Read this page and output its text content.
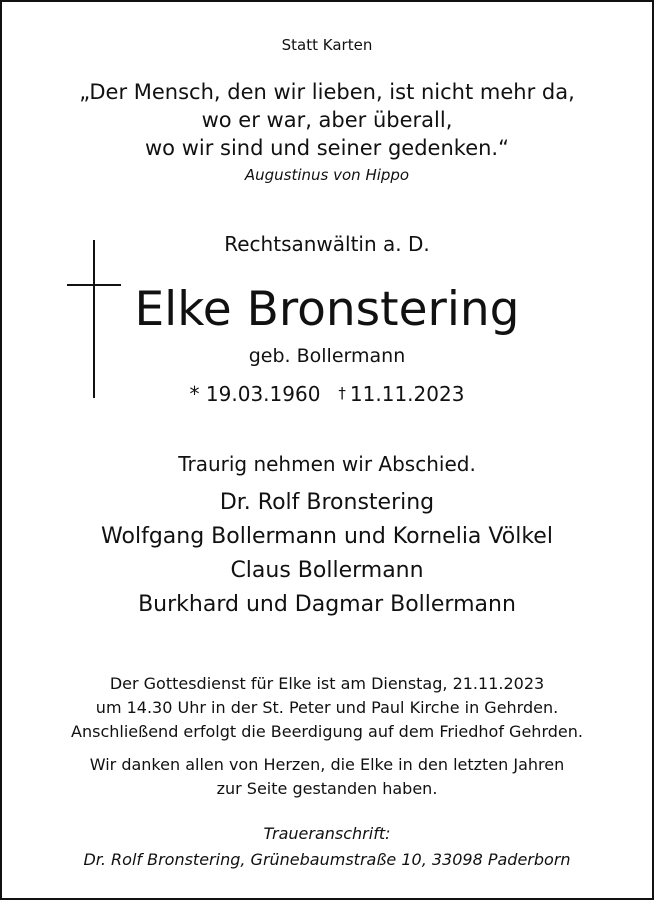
Statt Karten
„Der Mensch, den wir lieben, ist nicht mehr da,
wo er war, aber überall,
wo wir sind und seiner gedenken.“
Augustinus von Hippo
Rechtsanwältin a. D.
Elke Bronstering
geb. Bollermann
* 19.03.1960 † 11.11.2023
Traurig nehmen wir Abschied.
Dr. Rolf Bronstering
Wolfgang Bollermann und Kornelia Völkel
Claus Bollermann
Burkhard und Dagmar Bollermann
Der Gottesdienst für Elke ist am Dienstag, 21.11.2023
um 14.30 Uhr in der St. Peter und Paul Kirche in Gehrden.
Anschließend erfolgt die Beerdigung auf dem Friedhof Gehrden.
Wir danken allen von Herzen, die Elke in den letzten Jahren
zur Seite gestanden haben.
Traueranschrift:
Dr. Rolf Bronstering, Grünebaumstraße 10, 33098 Paderborn
